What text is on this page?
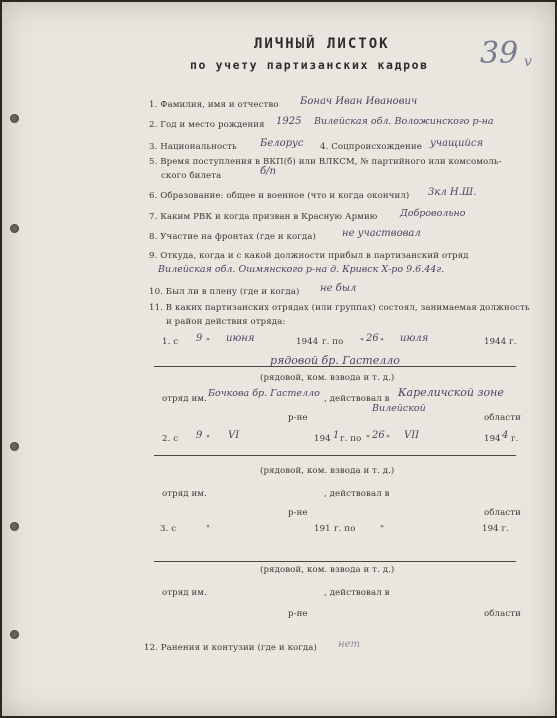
ЛИЧНЫЙ ЛИСТОК
по учету партизанских кадров 39 v
1. Фамилия, имя и отчество Бонач Иван Иванович
2. Год и место рождения 1925 Вилейская обл. Воложинского р-на
3. Национальность Белорус 4. Соцпроисхождение учащийся
5. Время поступления в ВКП(б) или ВЛКСМ, № партийного или комсомоль-
ского билета	б/п
6. Образование: общее и военное (что и когда окончил) 3кл Н.Ш.
7. Каким РВК и когда призван в Красную Армию Добровольно
8. Участие на фронтах (где и когда)	не участвовал
9. Откуда, когда и с какой должности прибыл в партизанский отряд
Вилейская обл. Ошмянского р-на д. Кривск Х-ро 9.6.44г.
10. Был ли в плену (где и когда) не был
11. В каких партизанских отрядах (или группах) состоял, занимаемая должность
и район действия отряда:
1. с 9 " июня	1944 г. по " 26 " июля	1944 г.
рядовой бр. Гастелло
(рядовой, ком. взвода и т. д.)
отряд им. Бочкова бр. Гастелло , действовал в Кареличской зоне
Вилейской
р-не	области
2. с 9 " VI	194 1 г. по " 26 " VII	194 4 г.
(рядовой, ком. взвода и т. д.)
отряд им.	, действовал в
р-не	области
3. с	"	191 г. по	"	194 г.
(рядовой, ком. взвода и т. д.)
отряд им.	, действовал в
р-не	области
12. Ранения и контузии (где и когда) нет
